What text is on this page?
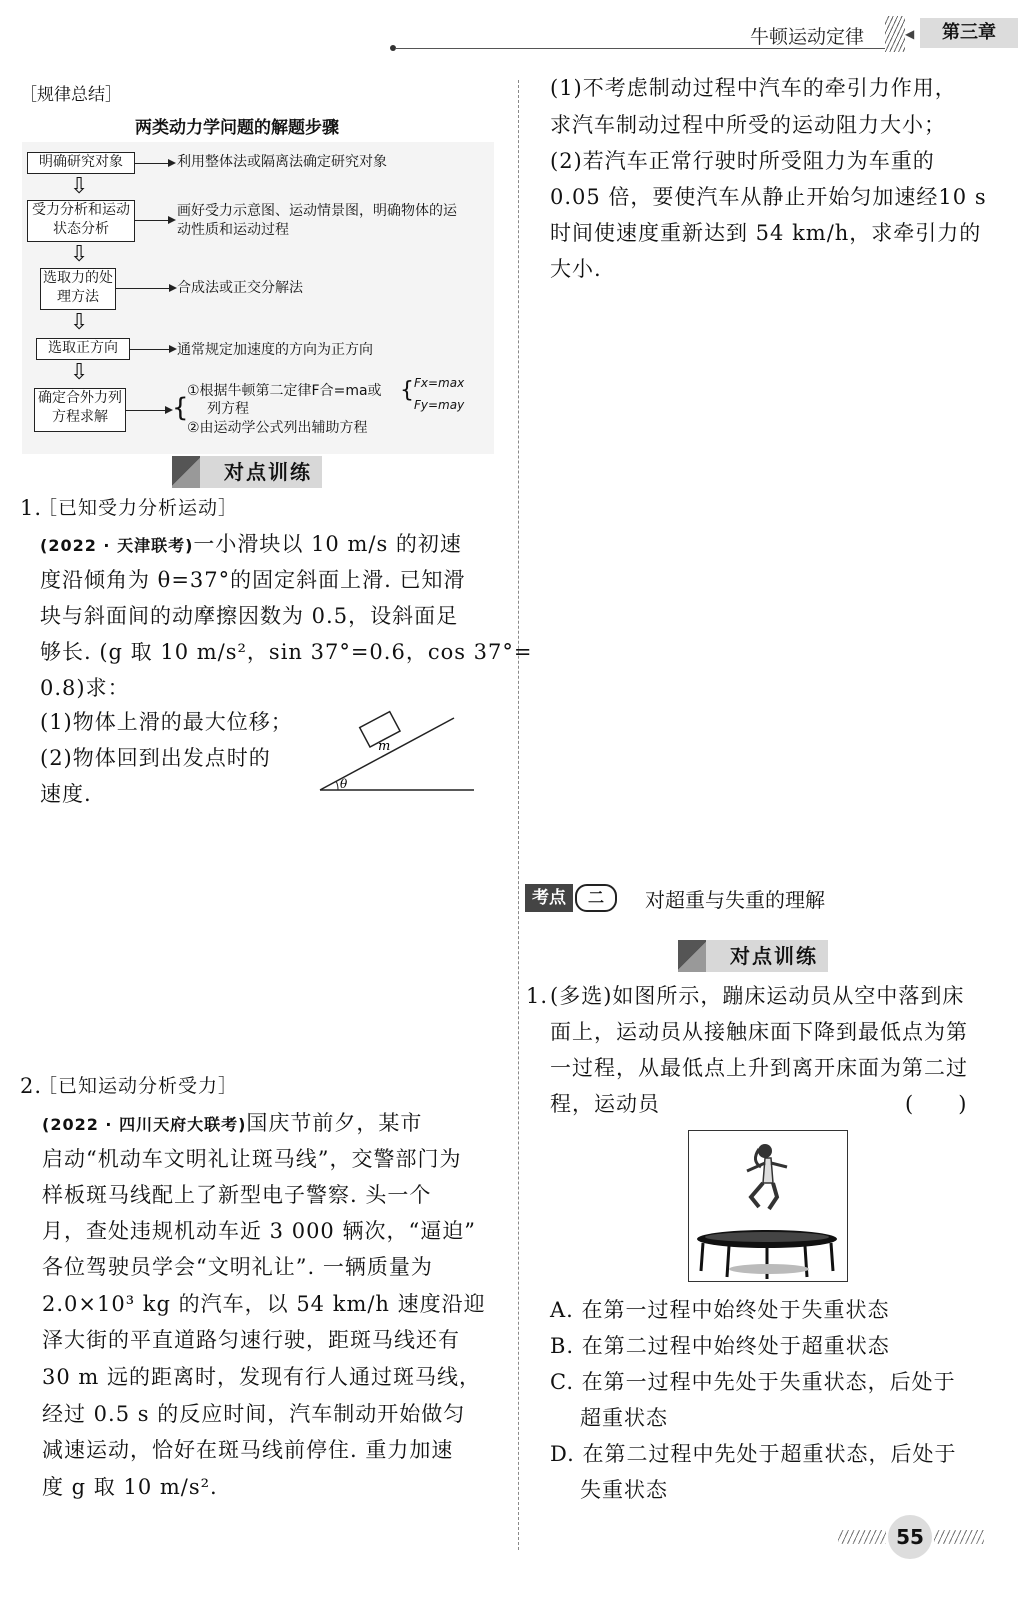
牛顿运动定律	◀	第三章
［规律总结］
两类动力学问题的解题步骤
明确研究对象	利用整体法或隔离法确定研究对象
⇩
受力分析和运动状态分析
画好受力示意图、运动情景图，明确物体的运动性质和运动过程
⇩
选取力的处理方法
合成法或正交分解法
⇩
选取正方向	通常规定加速度的方向为正方向
⇩
确定合外力列方程求解	{
①根据牛顿第二定律F合=ma或
列方程
{ Fx=max
Fy=may
②由运动学公式列出辅助方程
对点训练
1.
［已知受力分析运动］
(2022 · 天津联考)一小滑块以 10 m/s 的初速
度沿倾角为 θ=37°的固定斜面上滑. 已知滑
块与斜面间的动摩擦因数为 0.5，设斜面足
够长. (g 取 10 m/s²，sin 37°=0.6，cos 37°=
0.8)求：
(1)物体上滑的最大位移；
(2)物体回到出发点时的
速度.
m
θ
2.
［已知运动分析受力］
(2022 · 四川天府大联考)国庆节前夕，某市
启动“机动车文明礼让斑马线”，交警部门为
样板斑马线配上了新型电子警察. 头一个
月，查处违规机动车近 3 000 辆次，“逼迫”
各位驾驶员学会“文明礼让”. 一辆质量为
2.0×10³ kg 的汽车，以 54 km/h 速度沿迎
泽大街的平直道路匀速行驶，距斑马线还有
30 m 远的距离时，发现有行人通过斑马线，
经过 0.5 s 的反应时间，汽车制动开始做匀
减速运动，恰好在斑马线前停住. 重力加速
度 g 取 10 m/s².
(1)不考虑制动过程中汽车的牵引力作用，
求汽车制动过程中所受的运动阻力大小；
(2)若汽车正常行驶时所受阻力为车重的
0.05 倍，要使汽车从静止开始匀加速经10 s
时间使速度重新达到 54 km/h，求牵引力的
大小.
考点	二	对超重与失重的理解
对点训练
1. (多选)如图所示，蹦床运动员从空中落到床
面上，运动员从接触床面下降到最低点为第
一过程，从最低点上升到离开床面为第二过
程，运动员	(　　)
A. 在第一过程中始终处于失重状态
B. 在第二过程中始终处于超重状态
C. 在第一过程中先处于失重状态，后处于
超重状态
D. 在第二过程中先处于超重状态，后处于
失重状态
55
